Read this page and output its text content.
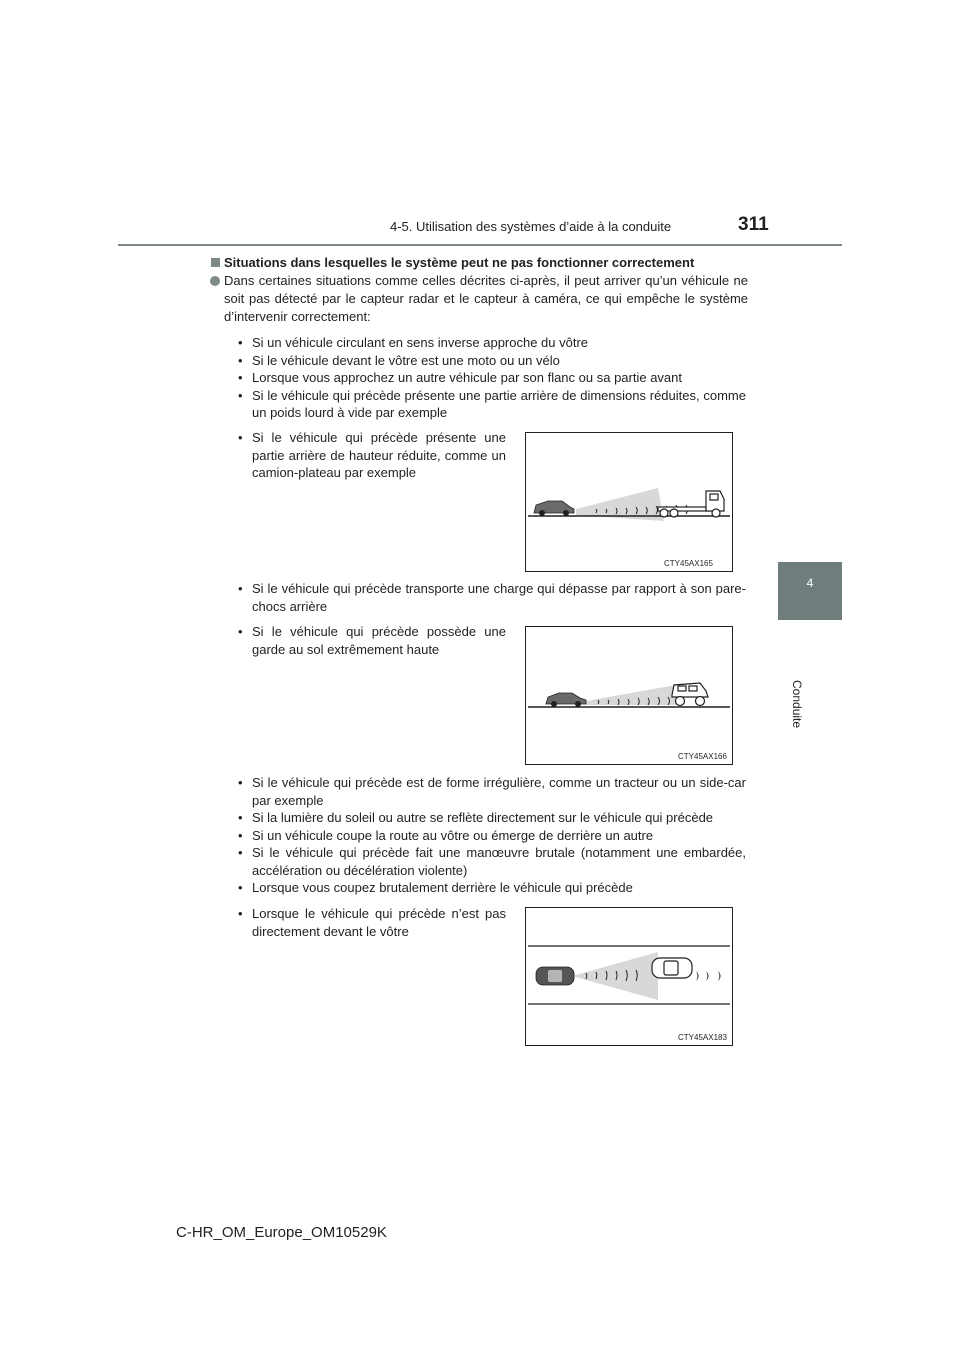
4-5. Utilisation des systèmes d’aide à la conduite	311
4
Conduite
Situations dans lesquelles le système peut ne pas fonctionner correctement
Dans certaines situations comme celles décrites ci-après, il peut arriver qu’un véhicule ne soit pas détecté par le capteur radar et le capteur à caméra, ce qui empêche le système d’intervenir correctement:
• Si un véhicule circulant en sens inverse approche du vôtre
• Si le véhicule devant le vôtre est une moto ou un vélo
• Lorsque vous approchez un autre véhicule par son flanc ou sa partie avant
• Si le véhicule qui précède présente une partie arrière de dimensions réduites, comme un poids lourd à vide par exemple
• Si le véhicule qui précède présente une partie arrière de hauteur réduite, comme un camion-plateau par exemple
CTY45AX165
• Si le véhicule qui précède transporte une charge qui dépasse par rapport à son pare-chocs arrière
• Si le véhicule qui précède possède une garde au sol extrêmement haute
CTY45AX166
• Si le véhicule qui précède est de forme irrégulière, comme un tracteur ou un side-car par exemple
• Si la lumière du soleil ou autre se reflète directement sur le véhicule qui précède
• Si un véhicule coupe la route au vôtre ou émerge de derrière un autre
• Si le véhicule qui précède fait une manœuvre brutale (notamment une embardée, accélération ou décélération violente)
• Lorsque vous coupez brutalement derrière le véhicule qui précède
• Lorsque le véhicule qui précède n’est pas directement devant le vôtre
CTY45AX183
C-HR_OM_Europe_OM10529K
